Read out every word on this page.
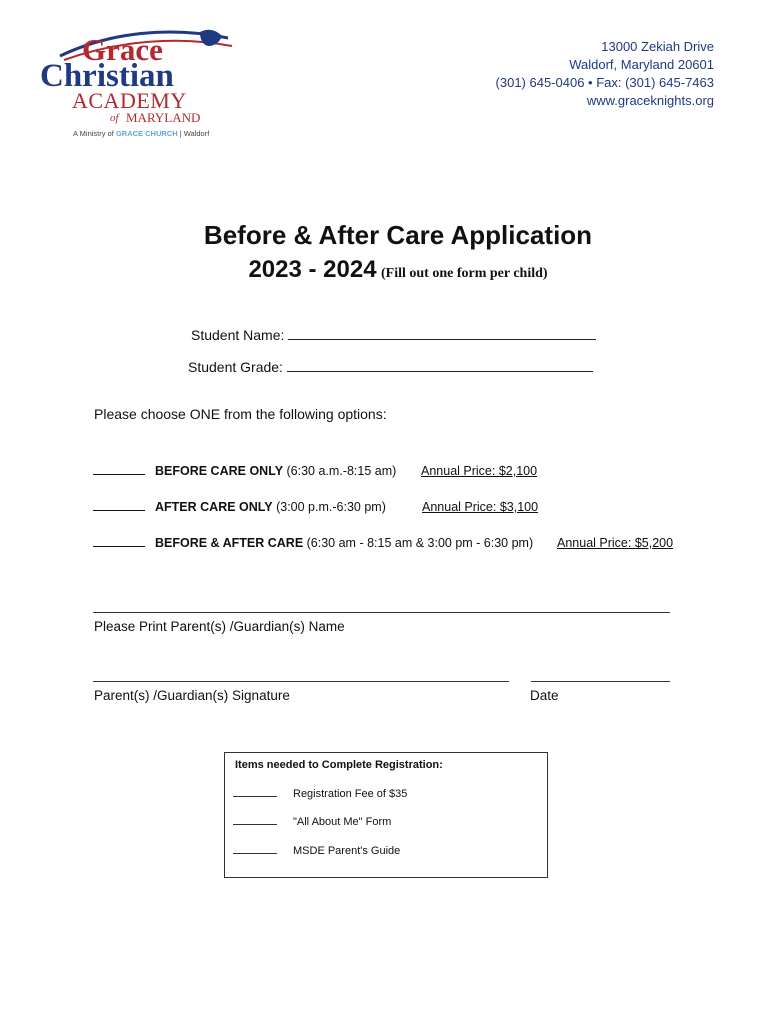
Grace
Christian
ACADEMY
of MARYLAND
A Ministry of GRACE CHURCH | Waldorf
13000 Zekiah Drive
Waldorf, Maryland 20601
(301) 645-0406 • Fax: (301) 645-7463
www.graceknights.org
Before & After Care Application
2023 - 2024 (Fill out one form per child)
Student Name:
Student Grade:
Please choose ONE from the following options:
BEFORE CARE ONLY (6:30 a.m.-8:15 am) Annual Price: $2,100
AFTER CARE ONLY (3:00 p.m.-6:30 pm)	Annual Price: $3,100
BEFORE & AFTER CARE (6:30 am - 8:15 am & 3:00 pm - 6:30 pm) Annual Price: $5,200
Please Print Parent(s) /Guardian(s) Name
Parent(s) /Guardian(s) Signature	Date
Items needed to Complete Registration:
Registration Fee of $35
"All About Me" Form
MSDE Parent's Guide
